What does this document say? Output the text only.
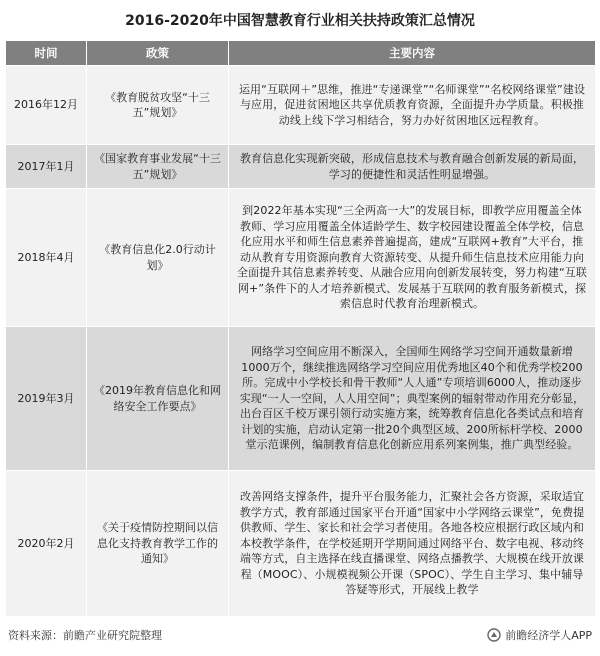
2016-2020年中国智慧教育行业相关扶持政策汇总情况
时间	政策	主要内容
2016年12月	《教育脱贫攻坚“十三五”规划》	运用“互联网＋”思维，推进“专递课堂”“名师课堂”“名校网络课堂”建设与应用，促进贫困地区共享优质教育资源，全面提升办学质量。积极推动线上线下学习相结合，努力办好贫困地区远程教育。
2017年1月	《国家教育事业发展“十三五”规划》	教育信息化实现新突破，形成信息技术与教育融合创新发展的新局面，学习的便捷性和灵活性明显增强。
2018年4月	《教育信息化2.0行动计划》	到2022年基本实现“三全两高一大”的发展目标，即教学应用覆盖全体教师、学习应用覆盖全体适龄学生、数字校园建设覆盖全体学校，信息化应用水平和师生信息素养普遍提高，建成“互联网+教育”大平台，推动从教育专用资源向教育大资源转变、从提升师生信息技术应用能力向全面提升其信息素养转变、从融合应用向创新发展转变，努力构建“互联网+”条件下的人才培养新模式、发展基于互联网的教育服务新模式，探索信息时代教育治理新模式。
2019年3月	《2019年教育信息化和网络安全工作要点》	网络学习空间应用不断深入，全国师生网络学习空间开通数量新增1000万个，继续推选网络学习空间应用优秀地区40个和优秀学校200所。完成中小学校长和骨干教师“人人通”专项培训6000人，推动逐步实现“一人一空间，人人用空间”；典型案例的辐射带动作用充分彰显，出台百区千校万课引领行动实施方案，统筹教育信息化各类试点和培育计划的实施，启动认定第一批20个典型区域、200所标杆学校、2000堂示范课例，编制教育信息化创新应用系列案例集，推广典型经验。
2020年2月	《关于疫情防控期间以信息化支持教育教学工作的通知》	改善网络支撑条件，提升平台服务能力，汇聚社会各方资源，采取适宜教学方式，教育部通过国家平台开通“国家中小学网络云课堂”，免费提供教师、学生、家长和社会学习者使用。各地各校应根据行政区域内和本校教学条件，在学校延期开学期间通过网络平台、数字电视、移动终端等方式，自主选择在线直播课堂、网络点播教学、大规模在线开放课程（MOOC）、小规模视频公开课（SPOC）、学生自主学习、集中辅导答疑等形式，开展线上教学
资料来源：前瞻产业研究院整理	前瞻经济学人APP
